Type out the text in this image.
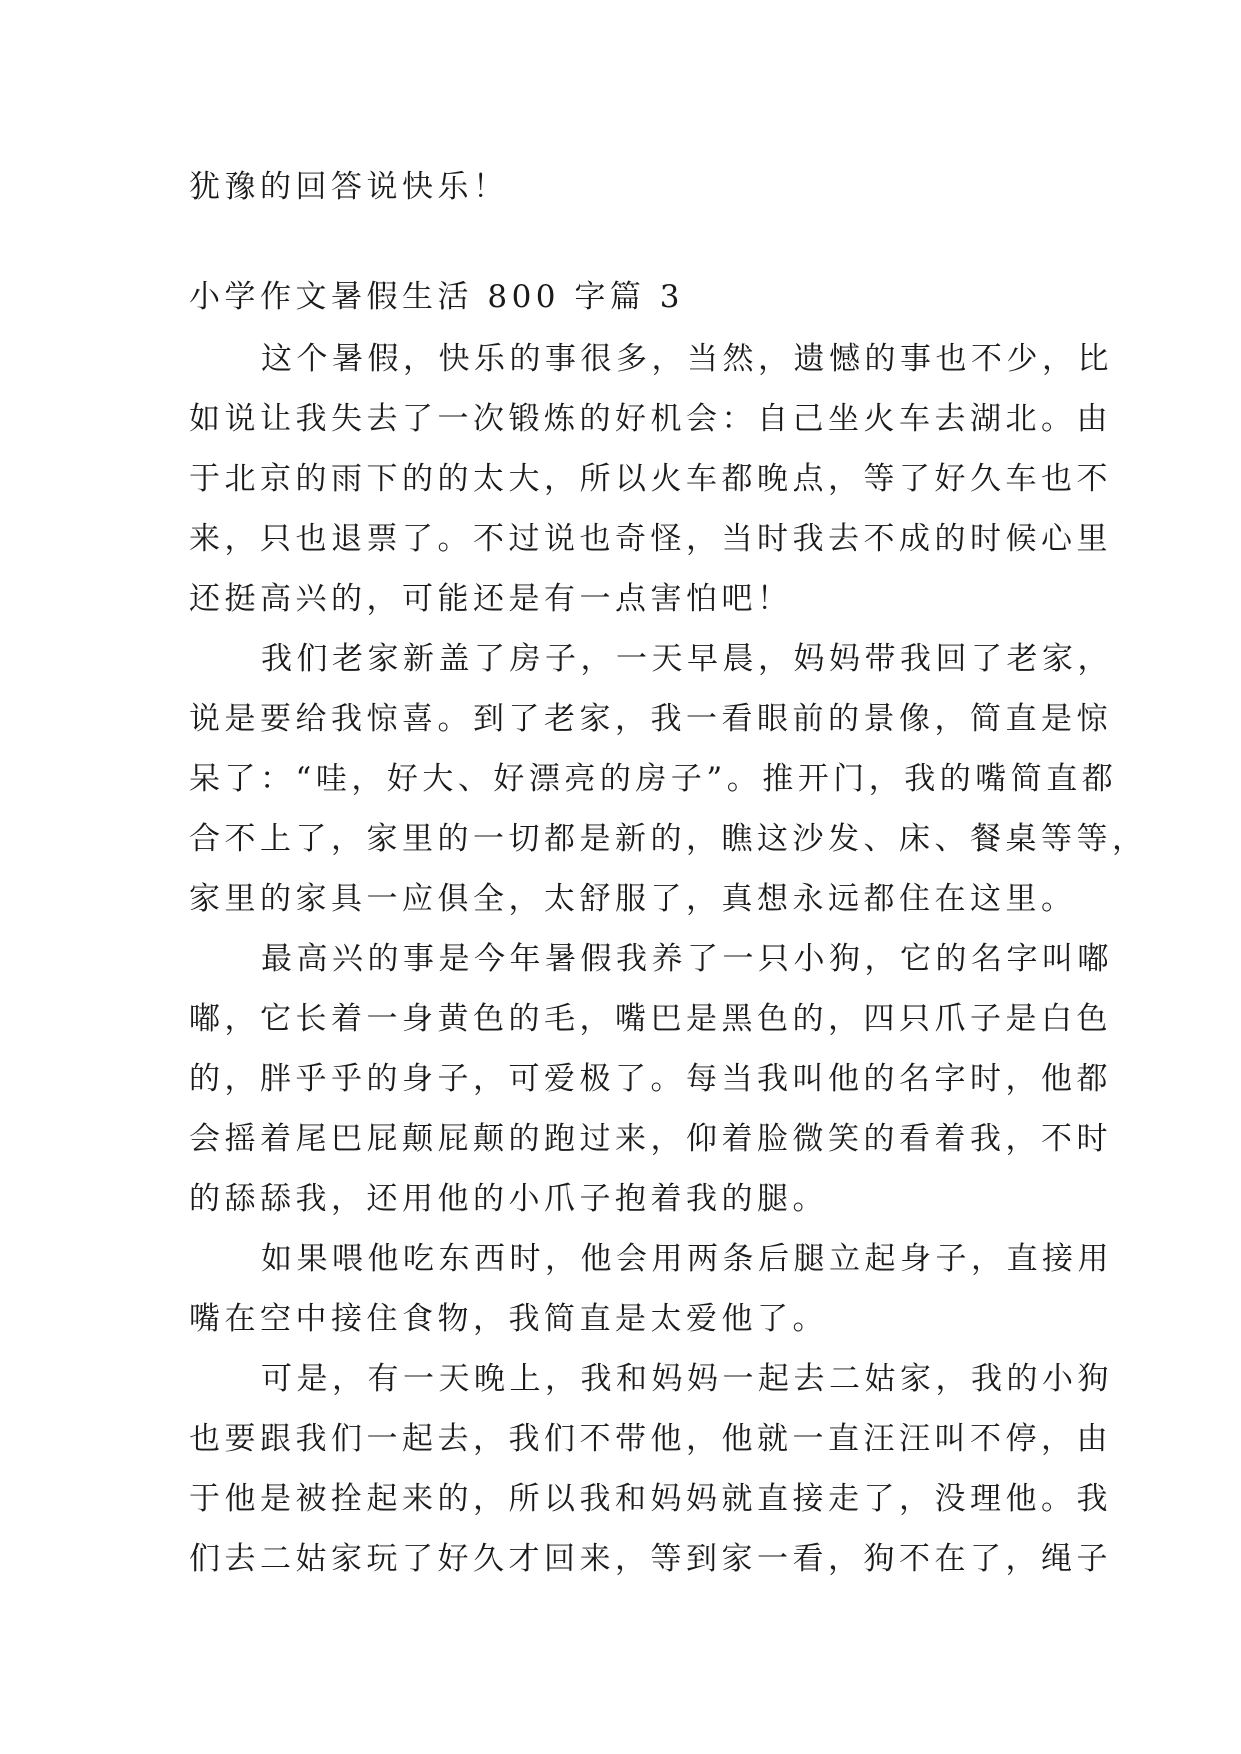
犹豫的回答说快乐！
小学作文暑假生活 800 字篇 3
这个暑假，快乐的事很多，当然，遗憾的事也不少，比
如说让我失去了一次锻炼的好机会：自己坐火车去湖北。由
于北京的雨下的的太大，所以火车都晚点，等了好久车也不
来，只也退票了。不过说也奇怪，当时我去不成的时候心里
还挺高兴的，可能还是有一点害怕吧！
我们老家新盖了房子，一天早晨，妈妈带我回了老家，
说是要给我惊喜。到了老家，我一看眼前的景像，简直是惊
呆了：“哇，好大、好漂亮的房子”。推开门，我的嘴简直都
合不上了，家里的一切都是新的，瞧这沙发、床、餐桌等等，
家里的家具一应俱全，太舒服了，真想永远都住在这里。
最高兴的事是今年暑假我养了一只小狗，它的名字叫嘟
嘟，它长着一身黄色的毛，嘴巴是黑色的，四只爪子是白色
的，胖乎乎的身子，可爱极了。每当我叫他的名字时，他都
会摇着尾巴屁颠屁颠的跑过来，仰着脸微笑的看着我，不时
的舔舔我，还用他的小爪子抱着我的腿。
如果喂他吃东西时，他会用两条后腿立起身子，直接用
嘴在空中接住食物，我简直是太爱他了。
可是，有一天晚上，我和妈妈一起去二姑家，我的小狗
也要跟我们一起去，我们不带他，他就一直汪汪叫不停，由
于他是被拴起来的，所以我和妈妈就直接走了，没理他。我
们去二姑家玩了好久才回来，等到家一看，狗不在了，绳子
